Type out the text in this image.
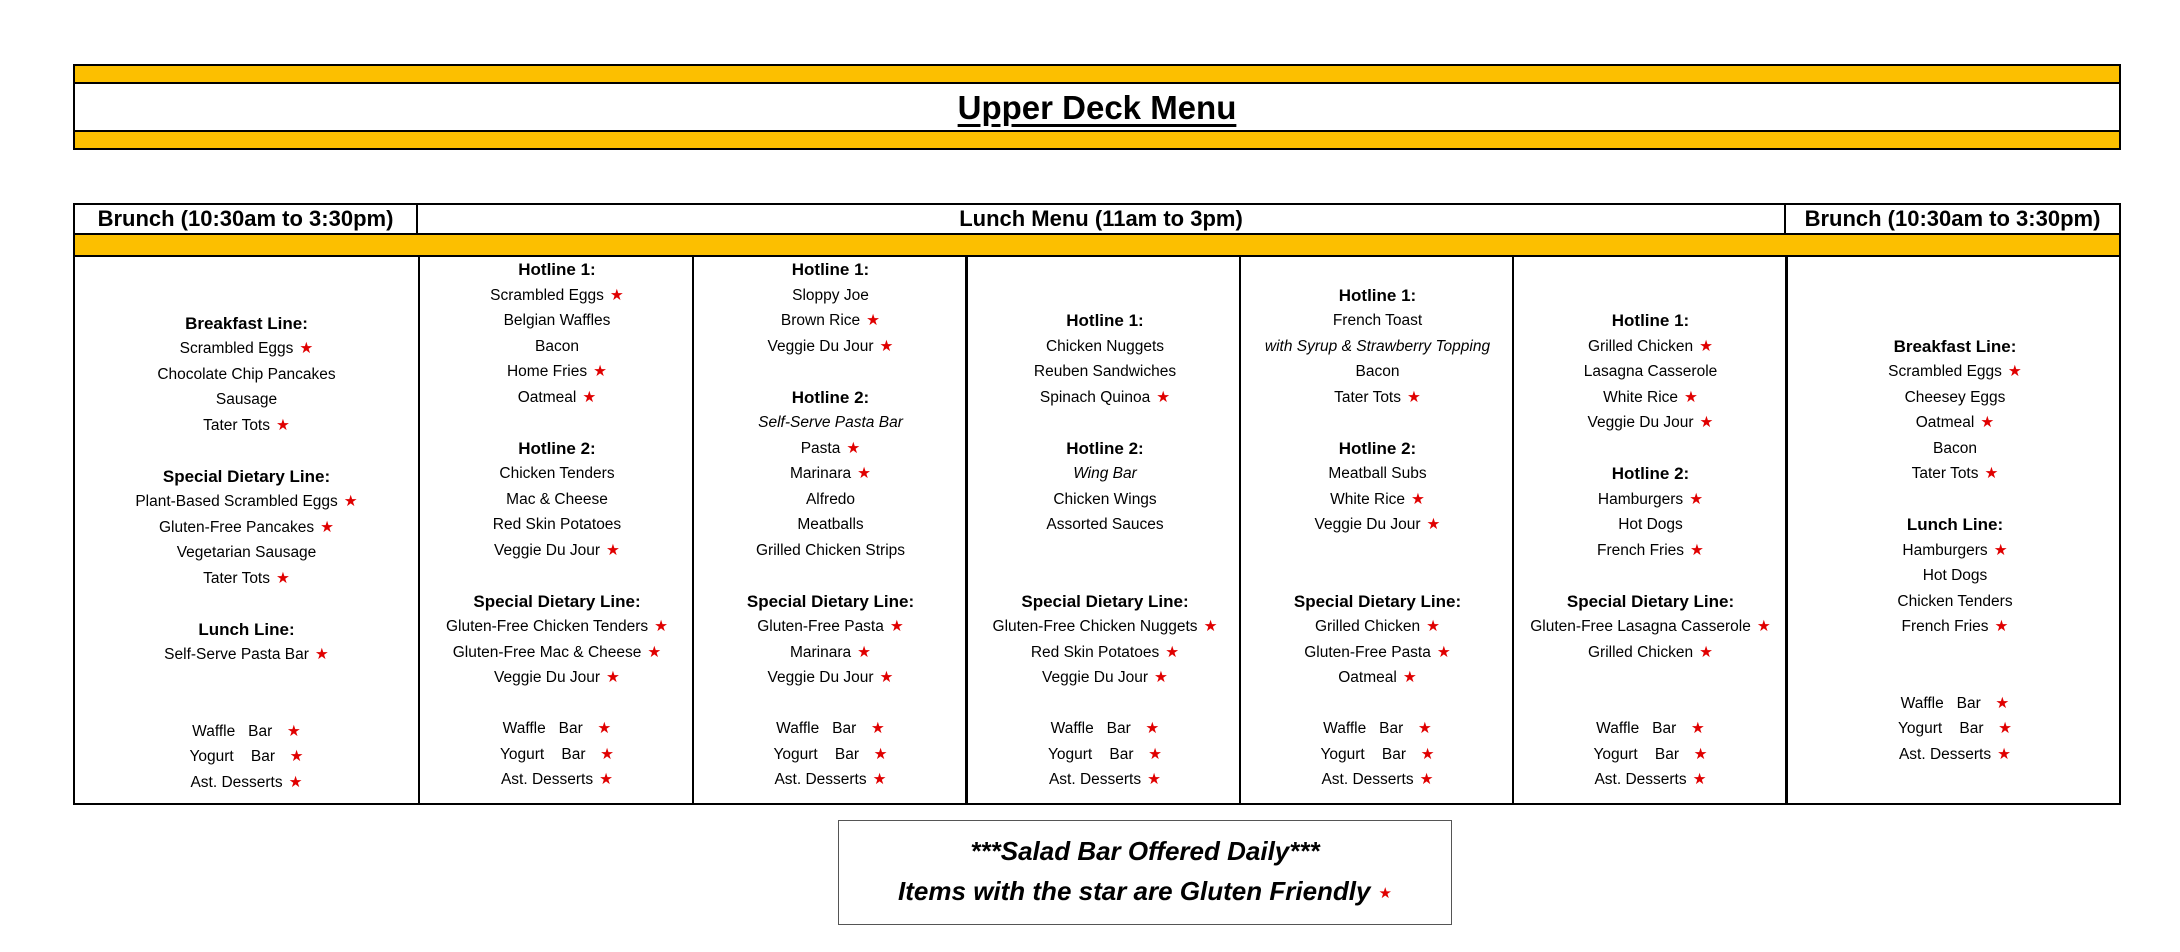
Upper Deck Menu
Brunch (10:30am to 3:30pm)	Lunch Menu (11am to 3pm)	Brunch (10:30am to 3:30pm)
Breakfast Line:
Scrambled Eggs ★
Chocolate Chip Pancakes
Sausage
Tater Tots ★
Special Dietary Line:
Plant-Based Scrambled Eggs ★
Gluten-Free Pancakes ★
Vegetarian Sausage
Tater Tots ★
Lunch Line:
Self-Serve Pasta Bar ★
Waffle   Bar  ★
Yogurt    Bar  ★
Ast. Desserts ★
Hotline 1:
Scrambled Eggs ★
Belgian Waffles
Bacon
Home Fries ★
Oatmeal ★
Hotline 2:
Chicken Tenders
Mac & Cheese
Red Skin Potatoes
Veggie Du Jour ★
Special Dietary Line:
Gluten-Free Chicken Tenders ★
Gluten-Free Mac & Cheese ★
Veggie Du Jour ★
Waffle   Bar  ★
Yogurt    Bar  ★
Ast. Desserts ★
Hotline 1:
Sloppy Joe
Brown Rice ★
Veggie Du Jour ★
Hotline 2:
Self-Serve Pasta Bar
Pasta ★
Marinara ★
Alfredo
Meatballs
Grilled Chicken Strips
Special Dietary Line:
Gluten-Free Pasta ★
Marinara ★
Veggie Du Jour ★
Waffle   Bar  ★
Yogurt    Bar  ★
Ast. Desserts ★
Hotline 1:
Chicken Nuggets
Reuben Sandwiches
Spinach Quinoa ★
Hotline 2:
Wing Bar
Chicken Wings
Assorted Sauces
Special Dietary Line:
Gluten-Free Chicken Nuggets ★
Red Skin Potatoes ★
Veggie Du Jour ★
Waffle   Bar  ★
Yogurt    Bar  ★
Ast. Desserts ★
Hotline 1:
French Toast
with Syrup & Strawberry Topping
Bacon
Tater Tots ★
Hotline 2:
Meatball Subs
White Rice ★
Veggie Du Jour ★
Special Dietary Line:
Grilled Chicken ★
Gluten-Free Pasta ★
Oatmeal ★
Waffle   Bar  ★
Yogurt    Bar  ★
Ast. Desserts ★
Hotline 1:
Grilled Chicken ★
Lasagna Casserole
White Rice ★
Veggie Du Jour ★
Hotline 2:
Hamburgers ★
Hot Dogs
French Fries ★
Special Dietary Line:
Gluten-Free Lasagna Casserole ★
Grilled Chicken ★
Waffle   Bar  ★
Yogurt    Bar  ★
Ast. Desserts ★
Breakfast Line:
Scrambled Eggs ★
Cheesey Eggs
Oatmeal ★
Bacon
Tater Tots ★
Lunch Line:
Hamburgers ★
Hot Dogs
Chicken Tenders
French Fries ★
Waffle   Bar  ★
Yogurt    Bar  ★
Ast. Desserts ★
***Salad Bar Offered Daily***
Items with the star are Gluten Friendly ★
